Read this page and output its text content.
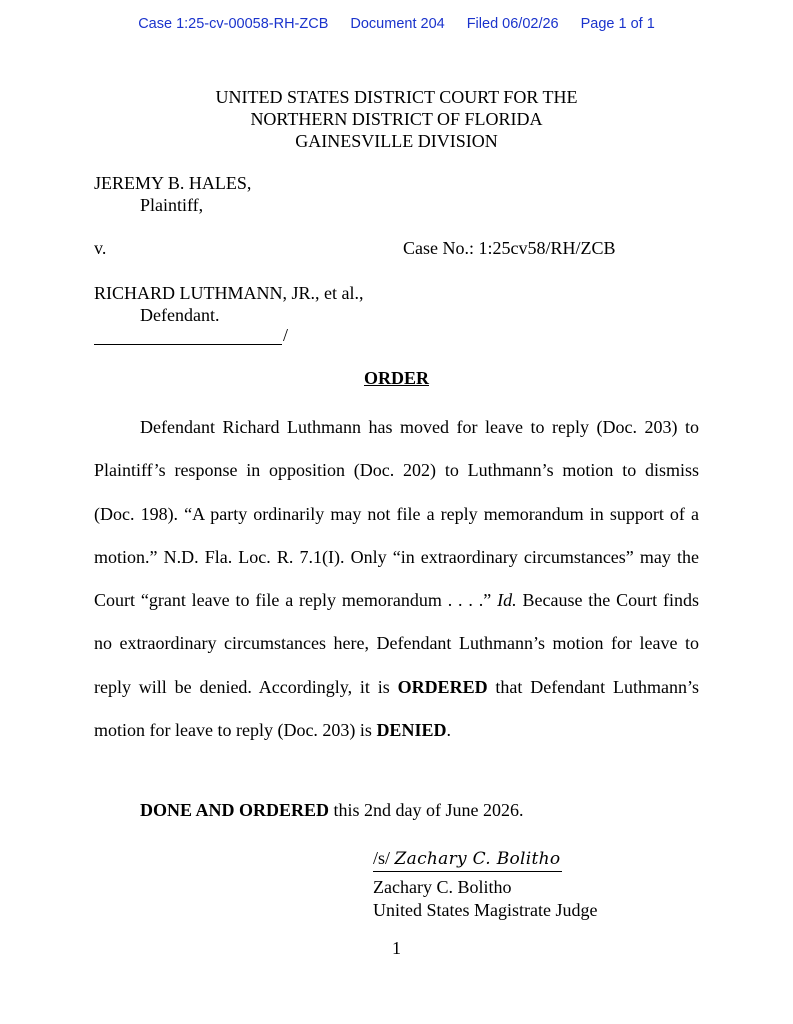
Case 1:25-cv-00058-RH-ZCB Document 204 Filed 06/02/26 Page 1 of 1
UNITED STATES DISTRICT COURT FOR THE
NORTHERN DISTRICT OF FLORIDA
GAINESVILLE DIVISION
JEREMY B. HALES,
Plaintiff,
v.	Case No.: 1:25cv58/RH/ZCB
RICHARD LUTHMANN, JR., et al.,
Defendant.
/
ORDER
Defendant Richard Luthmann has moved for leave to reply (Doc. 203) to Plaintiff’s response in opposition (Doc. 202) to Luthmann’s motion to dismiss (Doc. 198). “A party ordinarily may not file a reply memorandum in support of a motion.” N.D. Fla. Loc. R. 7.1(I). Only “in extraordinary circumstances” may the Court “grant leave to file a reply memorandum . . . .” Id. Because the Court finds no extraordinary circumstances here, Defendant Luthmann’s motion for leave to reply will be denied. Accordingly, it is ORDERED that Defendant Luthmann’s motion for leave to reply (Doc. 203) is DENIED.
DONE AND ORDERED this 2nd day of June 2026.
/s/ Zachary C. Bolitho
Zachary C. Bolitho
United States Magistrate Judge
1
